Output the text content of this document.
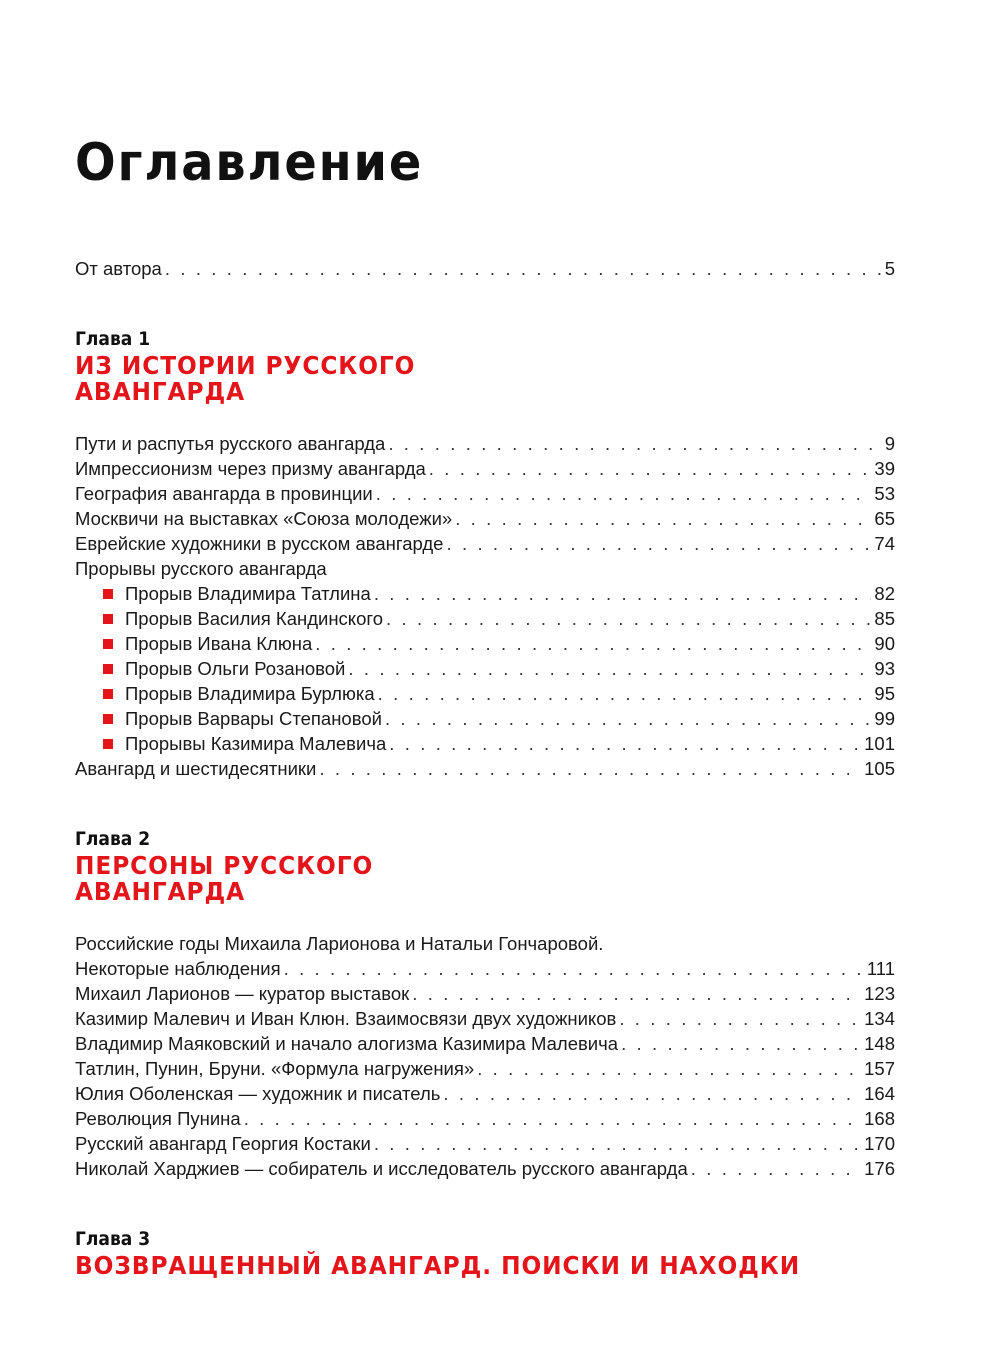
Оглавление
От автора . . .	5
Глава 1
ИЗ ИСТОРИИ РУССКОГО
АВАНГАРДА
Пути и распутья русского авангарда . . .	9
Импрессионизм через призму авангарда . . .	39
География авангарда в провинции . . .	53
Москвичи на выставках «Союза молодежи» . . .	65
Еврейские художники в русском авангарде . . .	74
Прорывы русского авангарда
Прорыв Владимира Татлина . . .	82
Прорыв Василия Кандинского . . .	85
Прорыв Ивана Клюна . . .	90
Прорыв Ольги Розановой . . .	93
Прорыв Владимира Бурлюка . . .	95
Прорыв Варвары Степановой . . .	99
Прорывы Казимира Малевича . . .	101
Авангард и шестидесятники . . .	105
Глава 2
ПЕРСОНЫ РУССКОГО
АВАНГАРДА
Российские годы Михаила Ларионова и Натальи Гончаровой.
Некоторые наблюдения . . .	111
Михаил Ларионов — куратор выставок . . .	123
Казимир Малевич и Иван Клюн. Взаимосвязи двух художников . . .	134
Владимир Маяковский и начало алогизма Казимира Малевича . . .	148
Татлин, Пунин, Бруни. «Формула нагружения» . . .	157
Юлия Оболенская — художник и писатель . . .	164
Революция Пунина . . .	168
Русский авангард Георгия Костаки . . .	170
Николай Харджиев — собиратель и исследователь русского авангарда . . .	176
Глава 3
ВОЗВРАЩЕННЫЙ АВАНГАРД. ПОИСКИ И НАХОДКИ
